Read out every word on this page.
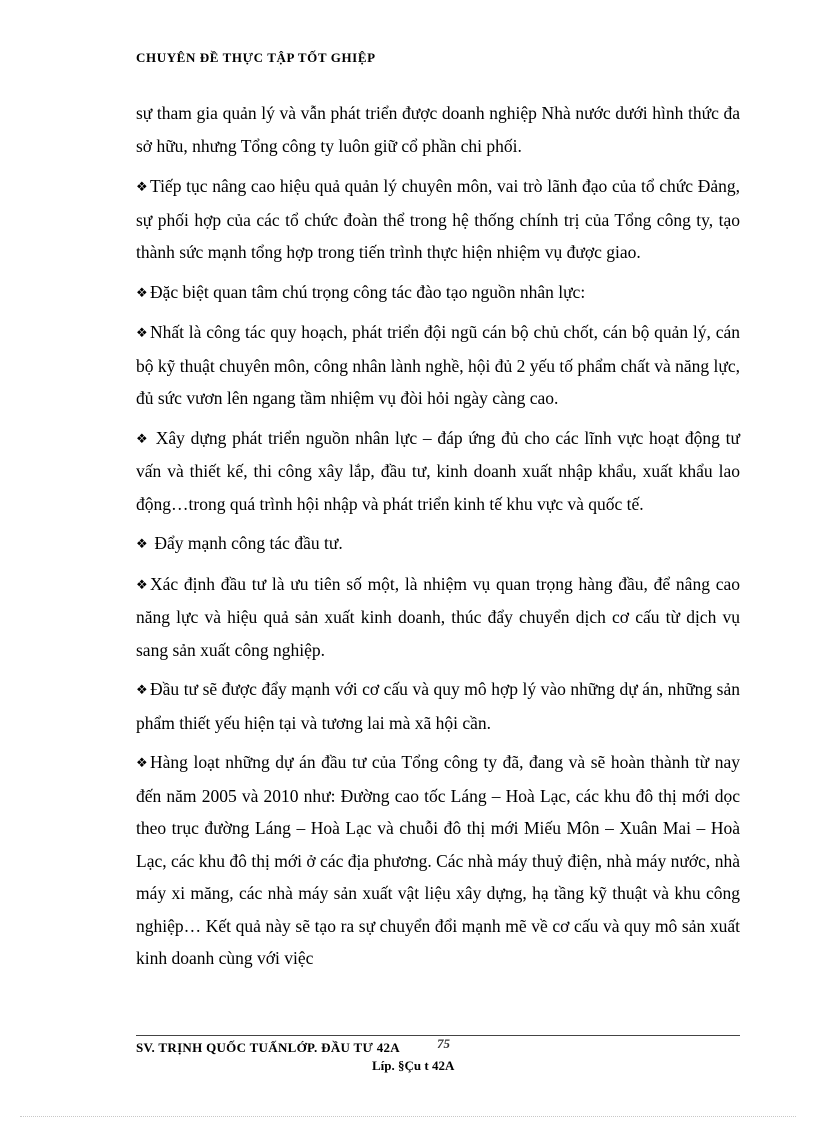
CHUYÊN ĐỀ THỰC TẬP TỐT GHIỆP
sự tham gia quản lý và vẫn phát triển được doanh nghiệp Nhà nước dưới hình thức đa sở hữu, nhưng Tổng công ty luôn giữ cổ phần chi phối.
❖ Tiếp tục nâng cao hiệu quả quản lý chuyên môn, vai trò lãnh đạo của tổ chức Đảng, sự phối hợp của các tổ chức đoàn thể trong hệ thống chính trị của Tổng công ty, tạo thành sức mạnh tổng hợp trong tiến trình thực hiện nhiệm vụ được giao.
❖ Đặc biệt quan tâm chú trọng công tác đào tạo nguồn nhân lực:
❖ Nhất là công tác quy hoạch, phát triển đội ngũ cán bộ chủ chốt, cán bộ quản lý, cán bộ kỹ thuật chuyên môn, công nhân lành nghề, hội đủ 2 yếu tố phẩm chất và năng lực, đủ sức vươn lên ngang tầm nhiệm vụ đòi hỏi ngày càng cao.
❖ Xây dựng phát triển nguồn nhân lực – đáp ứng đủ cho các lĩnh vực hoạt động tư vấn và thiết kế, thi công xây lắp, đầu tư, kinh doanh xuất nhập khẩu, xuất khẩu lao động…trong quá trình hội nhập và phát triển kinh tế khu vực và quốc tế.
❖ Đẩy mạnh công tác đầu tư.
❖ Xác định đầu tư là ưu tiên số một, là nhiệm vụ quan trọng hàng đầu, để nâng cao năng lực và hiệu quả sản xuất kinh doanh, thúc đẩy chuyển dịch cơ cấu từ dịch vụ sang sản xuất công nghiệp.
❖ Đầu tư sẽ được đẩy mạnh với cơ cấu và quy mô hợp lý vào những dự án, những sản phẩm thiết yếu hiện tại và tương lai mà xã hội cần.
❖ Hàng loạt những dự án đầu tư của Tổng công ty đã, đang và sẽ hoàn thành từ nay đến năm 2005 và 2010 như: Đường cao tốc Láng – Hoà Lạc, các khu đô thị mới dọc theo trục đường Láng – Hoà Lạc và chuỗi đô thị mới Miếu Môn – Xuân Mai – Hoà Lạc, các khu đô thị mới ở các địa phương. Các nhà máy thuỷ điện, nhà máy nước, nhà máy xi măng, các nhà máy sản xuất vật liệu xây dựng, hạ tầng kỹ thuật và khu công nghiệp… Kết quả này sẽ tạo ra sự chuyển đổi mạnh mẽ về cơ cấu và quy mô sản xuất kinh doanh cùng với việc
75
SV. TRỊNH QUỐC TUẤNLỚP. ĐẦU TƯ 42A
Líp. §Çu t 42A
